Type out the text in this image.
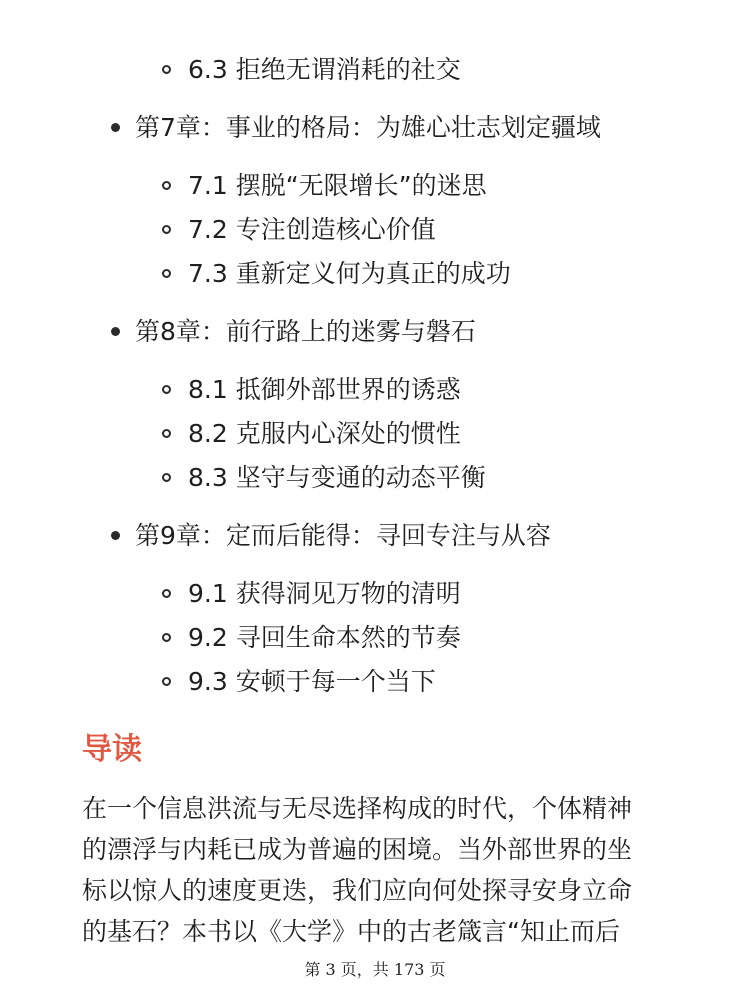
6.3 拒绝无谓消耗的社交
第7章：事业的格局：为雄心壮志划定疆域
7.1 摆脱“无限增长”的迷思
7.2 专注创造核心价值
7.3 重新定义何为真正的成功
第8章：前行路上的迷雾与磐石
8.1 抵御外部世界的诱惑
8.2 克服内心深处的惯性
8.3 坚守与变通的动态平衡
第9章：定而后能得：寻回专注与从容
9.1 获得洞见万物的清明
9.2 寻回生命本然的节奏
9.3 安顿于每一个当下
导读

在一个信息洪流与无尽选择构成的时代，个体精神
的漂浮与内耗已成为普遍的困境。当外部世界的坐
标以惊人的速度更迭，我们应向何处探寻安身立命
的基石？本书以《大学》中的古老箴言“知止而后

第 3 页，共 173 页
